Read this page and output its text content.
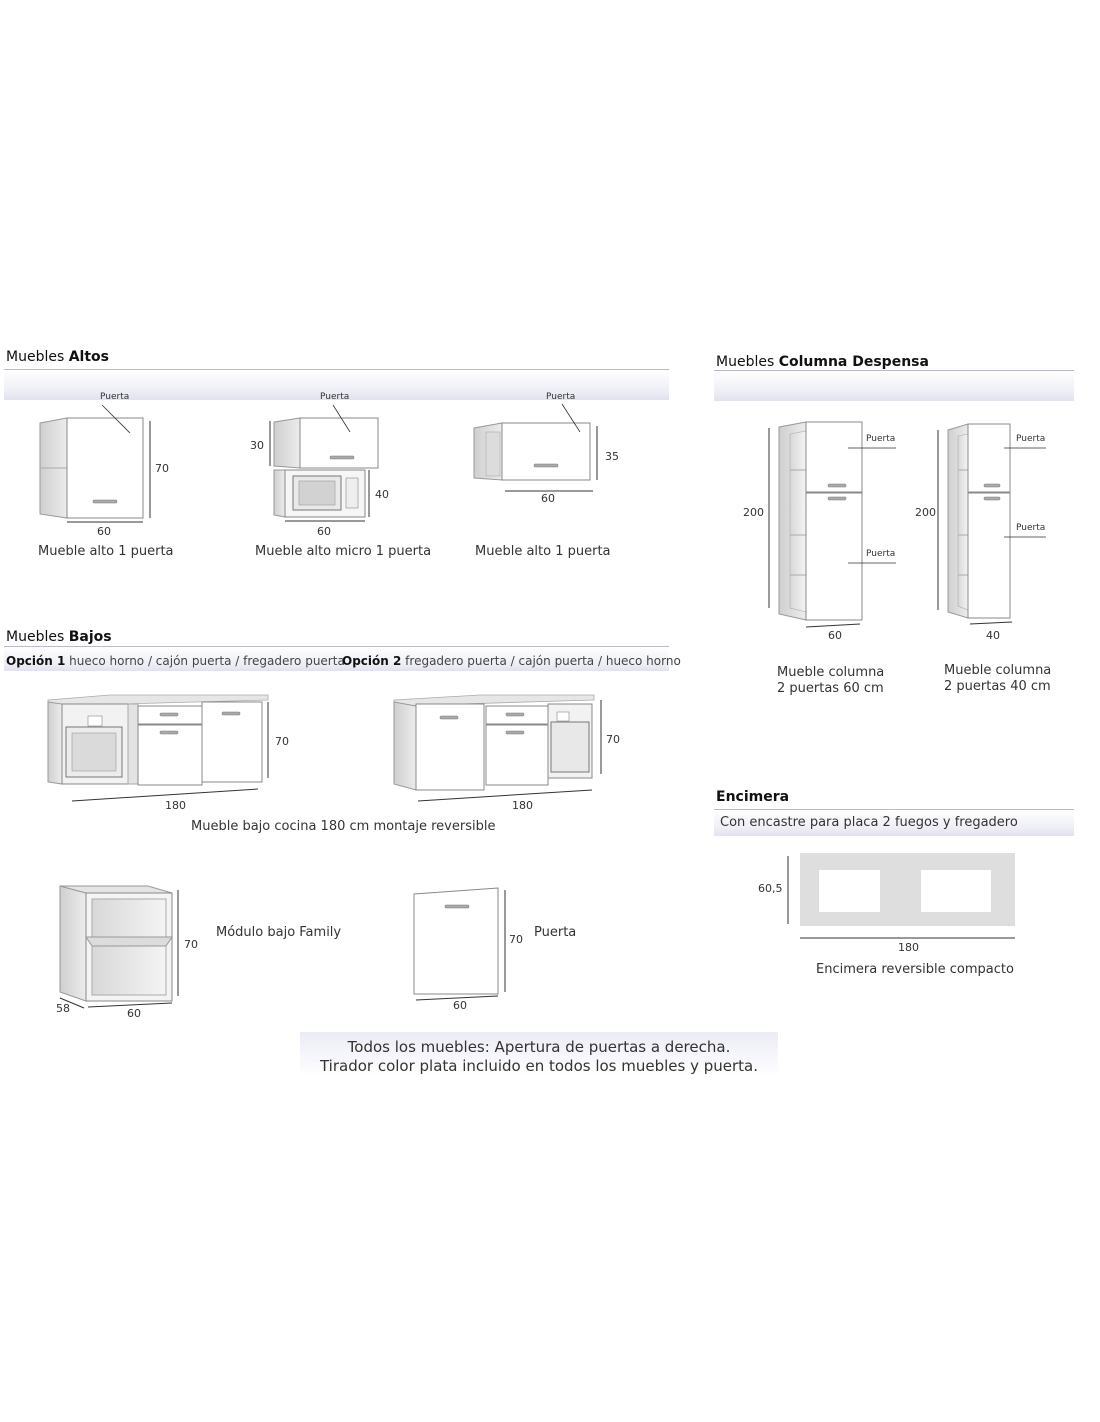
Muebles Altos	Muebles Columna Despensa
Muebles Bajos
Encimera
Con encastre para placa 2 fuegos y fregadero
Puerta
70
60
Mueble alto 1 puerta
Puerta
30
40
60
Mueble alto micro 1 puerta
Puerta
35
60
Mueble alto 1 puerta
Puerta
Puerta
200
60
Mueble columna
2 puertas 60 cm
Puerta
Puerta
200
40
Mueble columna
2 puertas 40 cm
Opción 1 hueco horno / cajón puerta / fregadero puerta
Opción 2 fregadero puerta / cajón puerta / hueco horno
70
180
70
180
Mueble bajo cocina 180 cm montaje reversible
70
58	60
Módulo bajo Family	70
60
Puerta
60,5
180
Encimera reversible compacto
Todos los muebles: Apertura de puertas a derecha.
Tirador color plata incluido en todos los muebles y puerta.
